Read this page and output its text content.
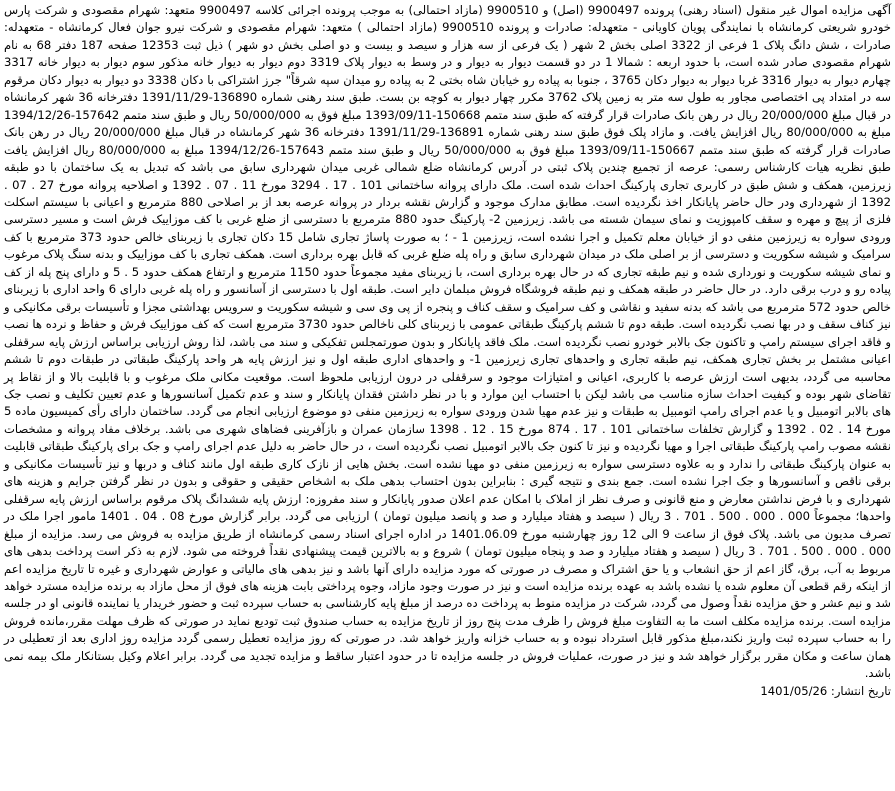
آگهی مزایده اموال غیر منقول (اسناد رهنی) پرونده 9900497 (اصل) و 9900510 (مازاد احتمالی) به موجب پرونده اجرائی کلاسه 9900497 متعهد: شهرام مقصودی و شرکت پارس خودرو شریعتی کرمانشاه با نمایندگی پویان کاویانی - متعهدله: صادرات و پرونده 9900510 (مازاد احتمالی ) متعهد: شهرام مقصودی و شرکت نیرو جوان فعال کرمانشاه - متعهدله: صادرات ، شش دانگ پلاک 1 فرعی از 3322 اصلی بخش 2 شهر ( یک فرعی از سه هزار و سیصد و بیست و دو اصلی بخش دو شهر ) ذیل ثبت 12353 صفحه 187 دفتر 68 به نام شهرام مقصودی صادر شده است، با حدود اربعه : شمالا 1 در دو قسمت دیوار به دیوار و در وسط به دیوار پلاک 3319 دوم دیوار به دیوار خانه مذکور سوم دیوار به دیوار خانه 3317 چهارم دیوار به دیوار 3316 غربا دیوار به دیوار دکان 3765 ، جنوبا به پیاده رو خیابان شاه بختی 2 به پیاده رو میدان سپه شرقاً" جرز اشتراکی با دکان 3338 دو دیوار به دیوار دکان مرقوم سه در امتداد پی اختصاصی مجاور به طول سه متر به زمین پلاک 3762 مکرر چهار دیوار به کوچه بن بست. طبق سند رهنی شماره 136890-1391/11/29 دفترخانه 36 شهر کرمانشاه در قبال مبلغ 20/000/000 ریال در رهن بانک صادرات قرار گرفته که طبق سند متمم 150668-1393/09/11 مبلغ فوق به 50/000/000 ریال و طبق سند متمم 157642-1394/12/26 مبلغ به 80/000/000 ریال افزایش یافت. و مازاد پلک فوق طبق سند رهنی شماره 136891-1391/11/29 دفترخانه 36 شهر کرمانشاه در قبال مبلغ 20/000/000 ریال در رهن بانک صادرات قرار گرفته که طبق سند متمم 150667-1393/09/11 مبلغ فوق به 50/000/000 ریال و طبق سند متمم 157643-1394/12/26 مبلغ به 80/000/000 ریال افزایش یافت طبق نظریه هیات کارشناس رسمی: عرصه از تجمیع چندین پلاک ثبتی در آدرس کرمانشاه ضلع شمالی غربی میدان شهرداری سابق می باشد که تبدیل به یک ساختمان با دو طبقه زیرزمین، همکف و شش طبق در کاربری تجاری پارکینگ احداث شده است. ملک دارای پروانه ساختمانی 101 . 17 . 3294 مورخ 11 . 07 . 1392 و اصلاحیه پروانه مورخ 27 . 07 . 1392 از شهرداری ودر حال حاضر پایانکار اخذ نگردیده است. مطابق مدارک موجود و گزارش نقشه بردار در پروانه عرصه بعد از بر اصلاحی 880 مترمربع و اعیانی با سیستم اسکلت فلزی از پیچ و مهره و سقف کامپوزیت و نمای سیمان شسته می باشد. زیرزمین 2- پارکینگ حدود 880 مترمربع با دسترسی از ضلع غربی با کف موزاییک فرش است و مسیر دسترسی ورودی سواره به زیرزمین منفی دو از خیابان معلم تکمیل و اجرا نشده است، زیرزمین 1 - ؛ به صورت پاساژ تجاری شامل 15 دکان تجاری با زیربنای خالص حدود 373 مترمربع با کف سرامیک و شیشه سکوریت و دسترسی از بر اصلی ملک در میدان شهرداری سابق و راه پله ضلع غربی که قابل بهره برداری است. همکف تجاری با کف موزاییک و بدنه سنگ پلاک مرغوب و نمای شیشه سکوریت و نورداری شده و نیم طبقه تجاری که در حال بهره برداری است، با زیربنای مفید مجموعاً حدود 1150 مترمربع و ارتفاع همکف حدود 5 . 5 و دارای پنج پله از کف پیاده رو و درب برقی دارد. در حال حاضر در طبقه همکف و نیم طبقه فروشگاه فروش مبلمان دایر است. طبقه اول با دسترسی از آسانسور و راه پله غربی دارای 6 واحد اداری با زیربنای خالص حدود 572 مترمربع می باشد که بدنه سفید و نقاشی و کف سرامیک و سقف کناف و پنجره از پی وی سی و شیشه سکوریت و سرویس بهداشتی مجزا و تأسیسات برقی مکانیکی و نیز کناف سقف و در بها نصب نگردیده است. طبقه دوم تا ششم پارکینگ طبقاتی عمومی با زیربنای کلی ناخالص حدود 3730 مترمربع است که کف موزاییک فرش و حفاظ و نرده ها نصب و فاقد اجرای سیستم رامپ و تاکنون جک بالابر خودرو نصب نگردیده است. ملک فاقد پایانکار و بدون صورتمجلس تفکیکی و سند می باشد، لذا روش ارزیابی براساس ارزش پایه سرقفلی اعیانی مشتمل بر بخش تجاری همکف، نیم طبقه تجاری و واحدهای تجاری زیرزمین 1- و واحدهای اداری طبقه اول و نیز ارزش پایه هر واحد پارکینگ طبقاتی در طبقات دوم تا ششم محاسبه می گردد، بدیهی است ارزش عرصه با کاربری، اعیانی و امتیازات موجود و سرقفلی در درون ارزیابی ملحوظ است. موقعیت مکانی ملک مرغوب و با قابلیت بالا و از نقاط پر تقاضای شهر بوده و کیفیت احداث سازه مناسب می باشد لیکن با احتساب این موارد و با در نظر داشتن فقدان پایانکار و سند و عدم تکمیل آسانسورها و عدم تعیین تکلیف و نصب جک های بالابر اتومبیل و یا عدم اجرای رامپ اتومبیل به طبقات و نیز عدم مهیا شدن ورودی سواره به زیرزمین منفی دو موضوع ارزیابی انجام می گردد. ساختمان دارای رأی کمیسیون ماده 5 مورخ 14 . 02 . 1392 و گزارش تخلفات ساختمانی 101 . 17 . 874 مورخ 15 . 12 . 1398 سازمان عمران و بازآفرینی فضاهای شهری می باشد. برخلاف مفاد پروانه و مشخصات نقشه مصوب رامپ پارکینگ طبقاتی اجرا و مهیا نگردیده و نیز تا کنون جک بالابر اتومبیل نصب نگردیده است ، در حال حاضر به دلیل عدم اجرای رامپ و جک برای پارکینگ طبقاتی قابلیت به عنوان پارکینگ طبقاتی را ندارد و به علاوه دسترسی سواره به زیرزمین منفی دو مهیا نشده است. بخش هایی از نازک کاری طبقه اول مانند کناف و دربها و نیز تأسیسات مکانیکی و برقی ناقص و آسانسورها و جک اجرا نشده است. جمع بندی و نتیجه گیری : بنابراین بدون احتساب بدهی ملک به اشخاص حقیقی و حقوقی و بدون در نظر گرفتن جرایم و هزینه های شهرداری و با فرض نداشتن معارض و منع قانونی و صرف نظر از املاک با امکان عدم اعلان صدور پایانکار و سند مفروزه: ارزش پایه ششدانگ پلاک مرقوم براساس ارزش پایه سرقفلی واحدها؛ مجموعاً 000 . 000 . 500 . 701 . 3 ریال ( سیصد و هفتاد میلیارد و صد و پانصد میلیون تومان ) ارزیابی می گردد. برابر گزارش مورخ 08 . 04 . 1401 مامور اجرا ملک در تصرف مدیون می باشد. پلاک فوق از ساعت 9 الی 12 روز چهارشنبه مورخ 1401.06.09 در اداره اجرای اسناد رسمی کرمانشاه از طریق مزایده به فروش می رسد. مزایده از مبلغ 000 . 000 . 500 . 701 . 3 ریال ( سیصد و هفتاد میلیارد و صد و پنجاه میلیون تومان ) شروع و به بالاترین قیمت پیشنهادی نقداً فروخته می شود. لازم به ذکر است پرداخت بدهی های مربوط به آب، برق، گاز اعم از حق انشعاب و یا حق اشتراک و مصرف در صورتی که مورد مزایده دارای آنها باشد و نیز بدهی های مالیاتی و عوارض شهرداری و غیره تا تاریخ مزایده اعم از اینکه رقم قطعی آن معلوم شده یا نشده باشد به عهده برنده مزایده است و نیز در صورت وجود مازاد، وجوه پرداختی بابت هزینه های فوق از محل مازاد به برنده مزایده مسترد خواهد شد و نیم عشر و حق مزایده نقداً وصول می گردد، شرکت در مزایده منوط به پرداخت ده درصد از مبلغ پایه کارشناسی به حساب سپرده ثبت و حضور خریدار یا نماینده قانونی او در جلسه مزایده است. برنده مزایده مکلف است ما به التفاوت مبلغ فروش را ظرف مدت پنج روز از تاریخ مزایده به حساب صندوق ثبت تودیع نماید در صورتی که ظرف مهلت مقرر،مانده فروش را به حساب سپرده ثبت واریز نکند،مبلغ مذکور قابل استرداد نبوده و به حساب خزانه واریز خواهد شد. در صورتی که روز مزایده تعطیل رسمی گردد مزایده روز اداری بعد از تعطیلی در همان ساعت و مکان مقرر برگزار خواهد شد و نیز در صورت، عملیات فروش در جلسه مزایده تا در حدود اعتبار ساقط و مزایده تجدید می گردد. برابر اعلام وکیل بستانکار ملک بیمه نمی باشد.

تاریخ انتشار: 1401/05/26
